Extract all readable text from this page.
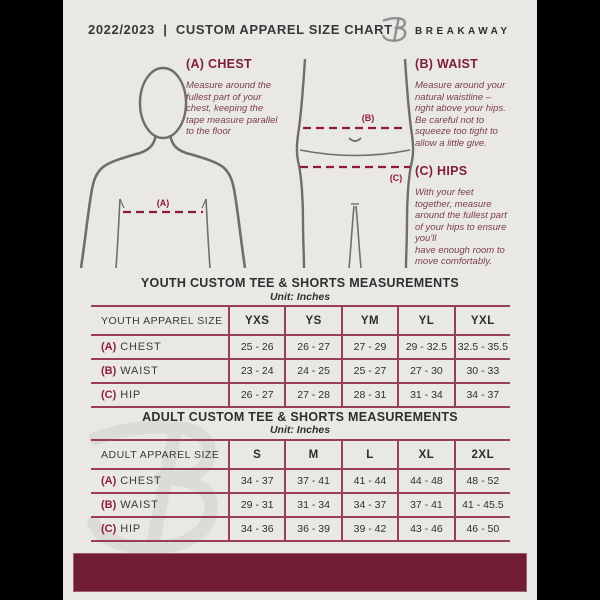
2022/2023  |  CUSTOM APPAREL SIZE CHART BREAKAWAY
(A)
(B)
(C)
(A) CHEST
Measure around the
fullest part of your
chest, keeping the
tape measure parallel
to the floor
(B) WAIST
Measure around your
natural waistline –
right above your hips.
Be careful not to
squeeze too tight to
allow a little give.
(C) HIPS
With your feet
together, measure
around the fullest part
of your hips to ensure
you'll
have enough room to
move comfortably.
YOUTH CUSTOM TEE & SHORTS MEASUREMENTS
Unit: Inches
YOUTH APPAREL SIZE	YXS	YS	YM	YL	YXL
(A) CHEST	25 - 26	26 - 27	27 - 29	29 - 32.5	32.5 - 35.5
(B) WAIST	23 - 24	24 - 25	25 - 27	27 - 30	30 - 33
(C) HIP	26 - 27	27 - 28	28 - 31	31 - 34	34 - 37
ADULT CUSTOM TEE & SHORTS MEASUREMENTS
Unit: Inches
ADULT APPAREL SIZE	S	M	L	XL	2XL
(A) CHEST	34 - 37	37 - 41	41 - 44	44 - 48	48 - 52
(B) WAIST	29 - 31	31 - 34	34 - 37	37 - 41	41 - 45.5
(C) HIP	34 - 36	36 - 39	39 - 42	43 - 46	46 - 50
